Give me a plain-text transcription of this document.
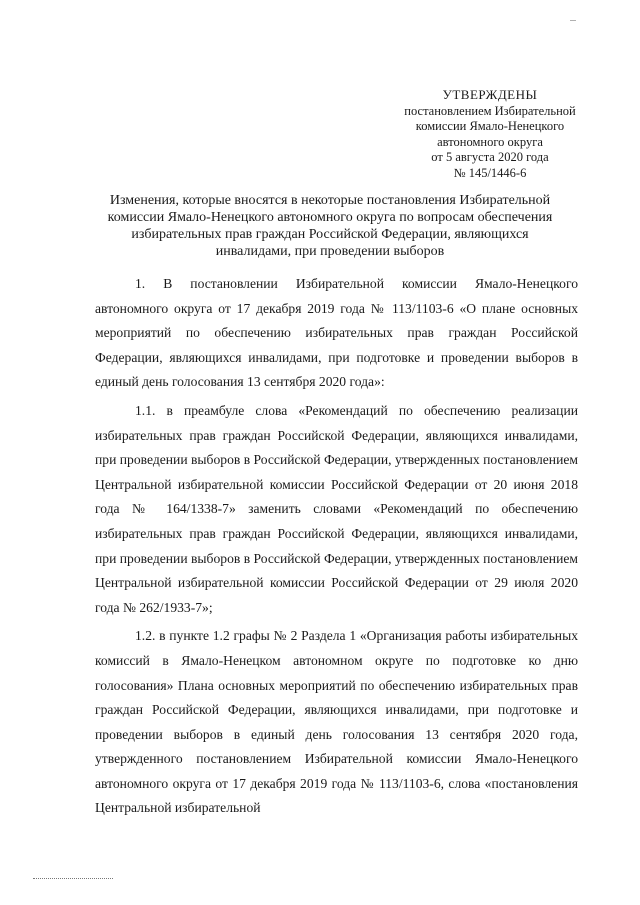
УТВЕРЖДЕНЫ
постановлением Избирательной
комиссии Ямало-Ненецкого
автономного округа
от 5 августа 2020 года
№ 145/1446-6
Изменения, которые вносятся в некоторые постановления Избирательной комиссии Ямало-Ненецкого автономного округа по вопросам обеспечения избирательных прав граждан Российской Федерации, являющихся инвалидами, при проведении выборов

1. В постановлении Избирательной комиссии Ямало-Ненецкого автономного округа от 17 декабря 2019 года № 113/1103-6 «О плане основных мероприятий по обеспечению избирательных прав граждан Российской Федерации, являющихся инвалидами, при подготовке и проведении выборов в единый день голосования 13 сентября 2020 года»:

1.1. в преамбуле слова «Рекомендаций по обеспечению реализации избирательных прав граждан Российской Федерации, являющихся инвалидами, при проведении выборов в Российской Федерации, утвержденных постановлением Центральной избирательной комиссии Российской Федерации от 20 июня 2018 года № 164/1338-7» заменить словами «Рекомендаций по обеспечению избирательных прав граждан Российской Федерации, являющихся инвалидами, при проведении выборов в Российской Федерации, утвержденных постановлением Центральной избирательной комиссии Российской Федерации от 29 июля 2020 года № 262/1933-7»;

1.2. в пункте 1.2 графы № 2 Раздела 1 «Организация работы избирательных комиссий в Ямало-Ненецком автономном округе по подготовке ко дню голосования» Плана основных мероприятий по обеспечению избирательных прав граждан Российской Федерации, являющихся инвалидами, при подготовке и проведении выборов в единый день голосования 13 сентября 2020 года, утвержденного постановлением Избирательной комиссии Ямало-Ненецкого автономного округа от 17 декабря 2019 года № 113/1103-6, слова «постановления Центральной избирательной
